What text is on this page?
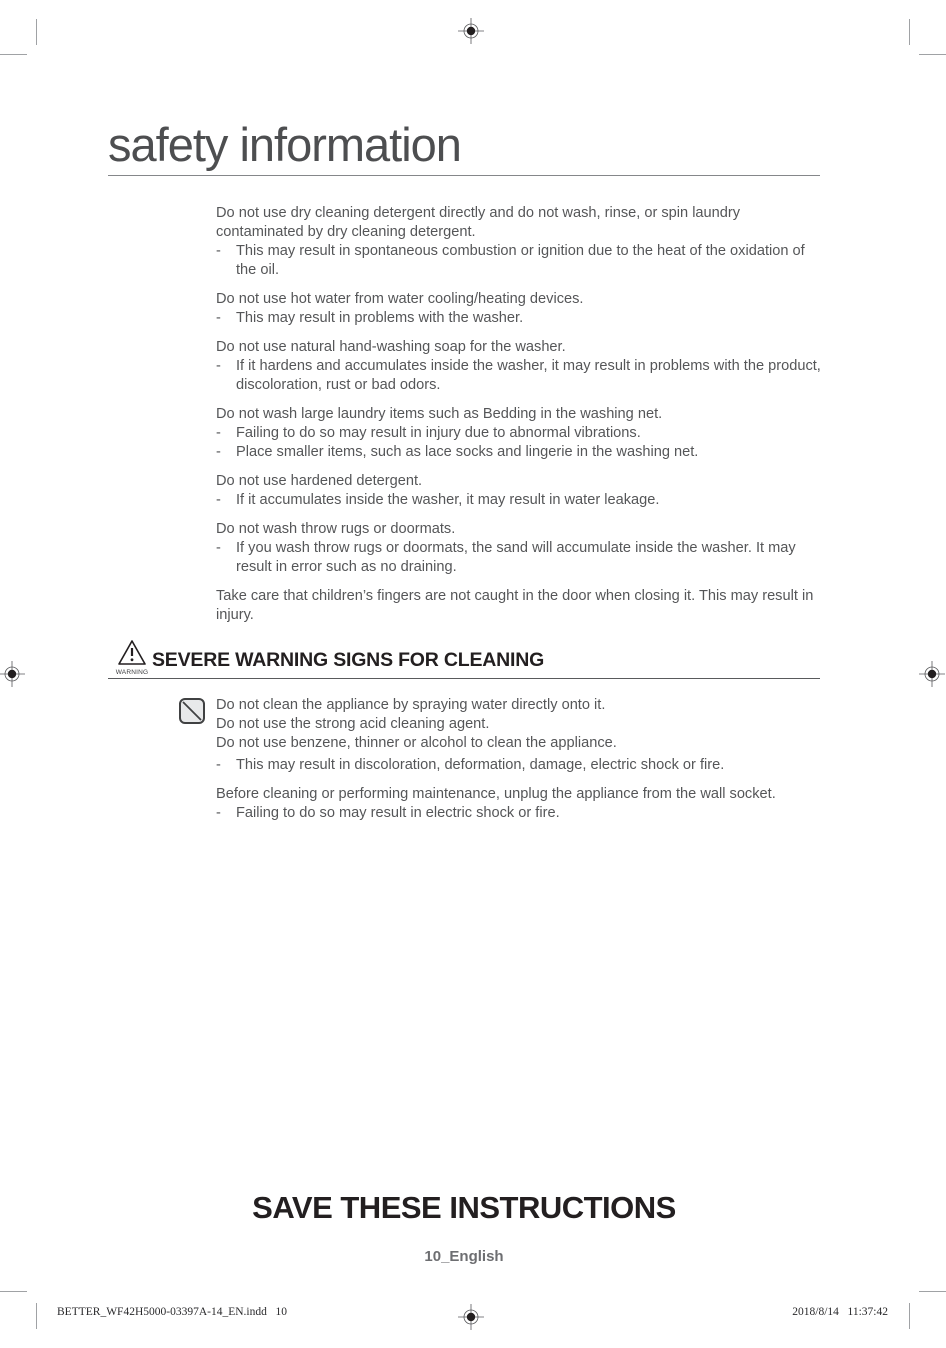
safety information
Do not use dry cleaning detergent directly and do not wash, rinse, or spin laundry contaminated by dry cleaning detergent.
-
This may result in spontaneous combustion or ignition due to the heat of the oxidation of the oil.
Do not use hot water from water cooling/heating devices.
-
This may result in problems with the washer.
Do not use natural hand-washing soap for the washer.
-
If it hardens and accumulates inside the washer, it may result in problems with the product, discoloration, rust or bad odors.
Do not wash large laundry items such as Bedding in the washing net.
-
Failing to do so may result in injury due to abnormal vibrations.
-
Place smaller items, such as lace socks and lingerie in the washing net.
Do not use hardened detergent.
-
If it accumulates inside the washer, it may result in water leakage.
Do not wash throw rugs or doormats.
-
If you wash throw rugs or doormats, the sand will accumulate inside the washer. It may result in error such as no draining.
Take care that children’s fingers are not caught in the door when closing it. This may result in injury.
WARNING
SEVERE WARNING SIGNS FOR CLEANING
Do not clean the appliance by spraying water directly onto it.
Do not use the strong acid cleaning agent.
Do not use benzene, thinner or alcohol to clean the appliance.
-
This may result in discoloration, deformation, damage, electric shock or fire.
Before cleaning or performing maintenance, unplug the appliance from the wall socket.
-
Failing to do so may result in electric shock or fire.
SAVE THESE INSTRUCTIONS
10_English
BETTER_WF42H5000-03397A-14_EN.indd   10	2018/8/14   11:37:42
